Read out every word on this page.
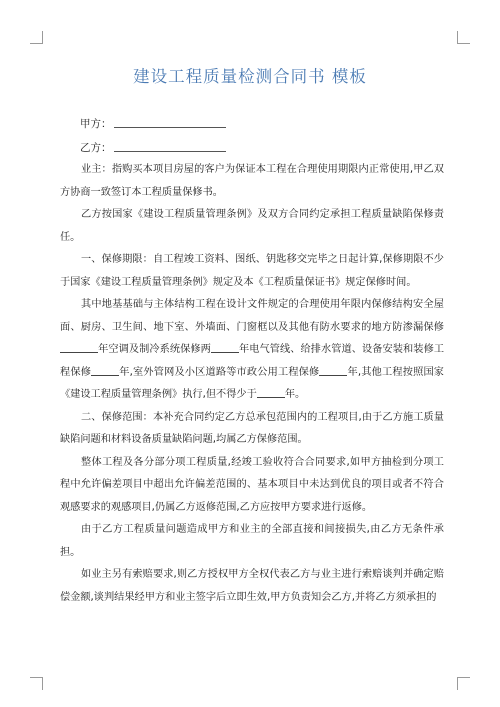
建设工程质量检测合同书 模板
甲方：
乙方：

业主：指购买本项目房屋的客户为保证本工程在合理使用期限内正常使用,甲乙双方协商一致签订本工程质量保修书。

乙方按国家《建设工程质量管理条例》及双方合同约定承担工程质量缺陷保修责任。

一、保修期限：自工程竣工资料、图纸、钥匙移交完毕之日起计算,保修期限不少于国家《建设工程质量管理条例》规定及本《工程质量保证书》规定保修时间。

其中地基基础与主体结构工程在设计文件规定的合理使用年限内保修结构安全屋面、厨房、卫生间、地下室、外墙面、门窗框以及其他有防水要求的地方防渗漏保修年空调及制冷系统保修两	年电气管线、给排水管道、设备安装和装修工程保修	年,室外管网及小区道路等市政公用工程保修	年,其他工程按照国家《建设工程质量管理条例》执行,但不得少于	年。

二、保修范围：本补充合同约定乙方总承包范围内的工程项目,由于乙方施工质量缺陷问题和材料设备质量缺陷问题,均属乙方保修范围。

整体工程及各分部分项工程质量,经竣工验收符合合同要求,如甲方抽检到分项工程中允许偏差项目中超出允许偏差范围的、基本项目中未达到优良的项目或者不符合观感要求的观感项目,仍属乙方返修范围,乙方应按甲方要求进行返修。

由于乙方工程质量问题造成甲方和业主的全部直接和间接损失,由乙方无条件承担。

如业主另有索赔要求,则乙方授权甲方全权代表乙方与业主进行索赔谈判并确定赔偿金额,谈判结果经甲方和业主签字后立即生效,甲方负责知会乙方,并将乙方须承担的
